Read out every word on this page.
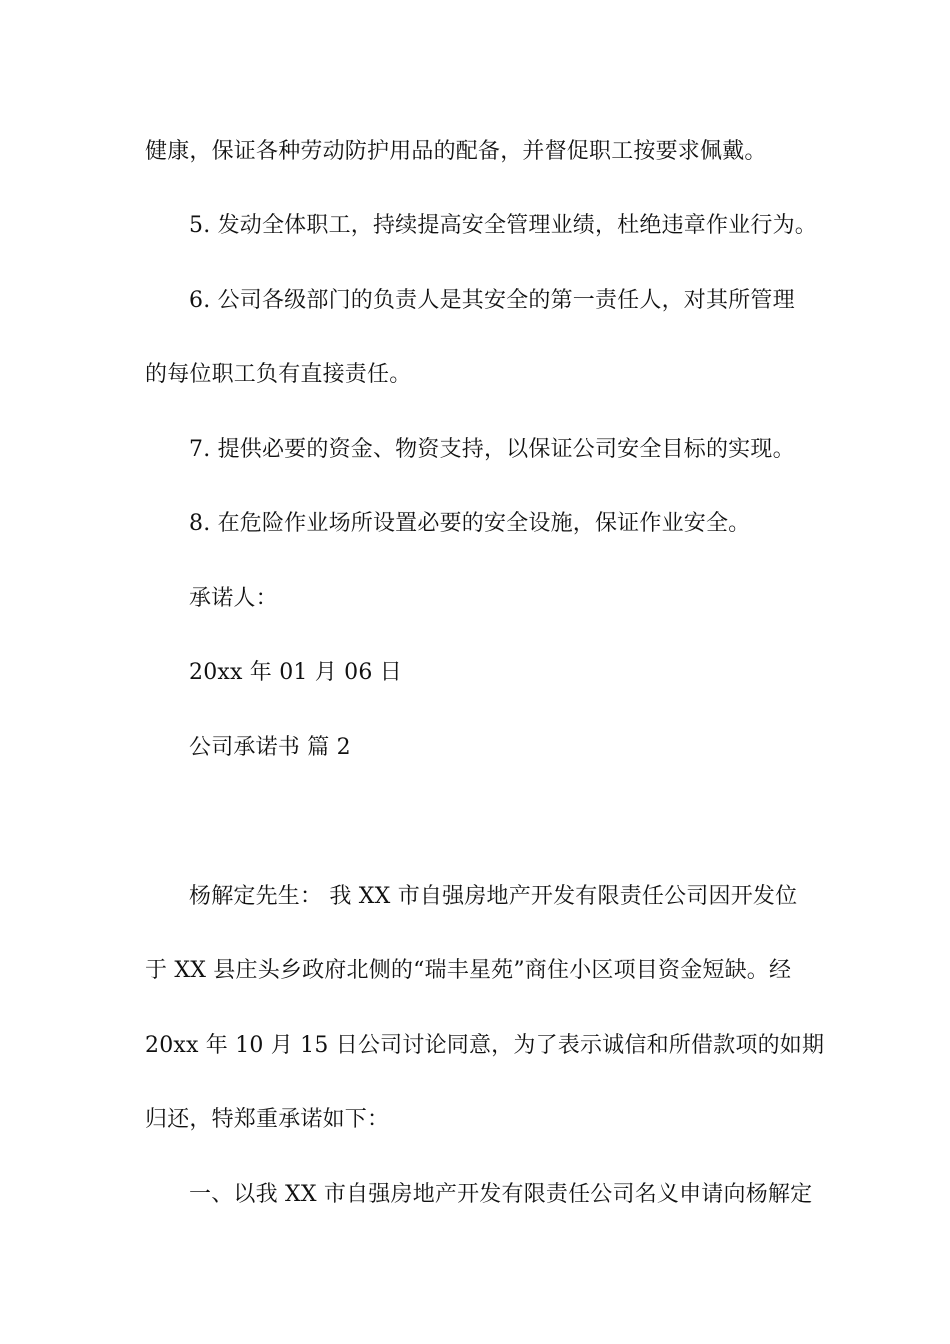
健康，保证各种劳动防护用品的配备，并督促职工按要求佩戴。
5. 发动全体职工，持续提高安全管理业绩，杜绝违章作业行为。
6. 公司各级部门的负责人是其安全的第一责任人，对其所管理
的每位职工负有直接责任。
7. 提供必要的资金、物资支持，以保证公司安全目标的实现。
8. 在危险作业场所设置必要的安全设施，保证作业安全。
承诺人：
20xx 年 01 月 06 日
公司承诺书 篇 2
杨解定先生： 我 XX 市自强房地产开发有限责任公司因开发位
于 XX 县庄头乡政府北侧的“瑞丰星苑”商住小区项目资金短缺。经
20xx 年 10 月 15 日公司讨论同意，为了表示诚信和所借款项的如期
归还，特郑重承诺如下：
一、以我 XX 市自强房地产开发有限责任公司名义申请向杨解定
